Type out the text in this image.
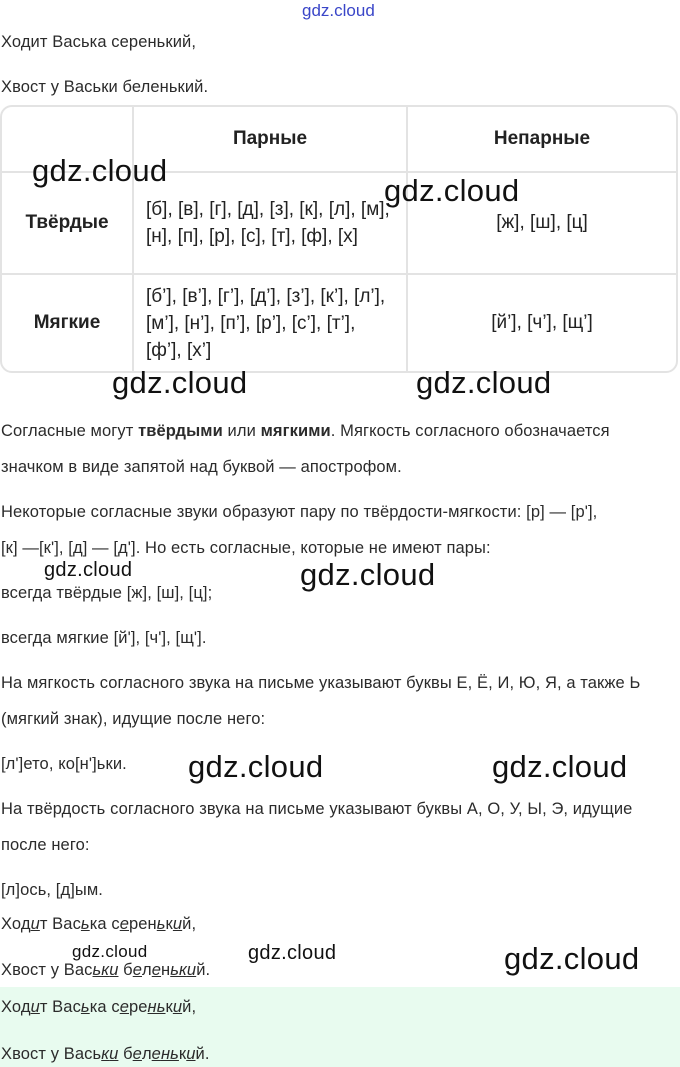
gdz.cloud
Ходит Васька серенький,
Хвост у Васьки беленький.
	Парные	Непарные
Твёрдые	[б], [в], [г], [д], [з], [к], [л], [м], [н], [п], [р], [с], [т], [ф], [х]	[ж], [ш], [ц]
Мягкие	[б’], [в’], [г’], [д’], [з’], [к’], [л’], [м’], [н’], [п’], [р’], [с’], [т’], [ф’], [х’]	[й’], [ч’], [щ’]
Согласные могут твёрдыми или мягкими. Мягкость согласного обозначается
значком в виде запятой над буквой — апострофом.
Некоторые согласные звуки образуют пару по твёрдости-мягкости: [р] — [р'],
[к] —[к'], [д] — [д']. Но есть согласные, которые не имеют пары:
всегда твёрдые [ж], [ш], [ц];
всегда мягкие [й'], [ч'], [щ'].
На мягкость согласного звука на письме указывают буквы Е, Ё, И, Ю, Я, а также Ь
(мягкий знак), идущие после него:
[л']ето, ко[н']ьки.
На твёрдость согласного звука на письме указывают буквы А, О, У, Ы, Э, идущие
после него:
[л]ось, [д]ым.
Ходит Васька серенький,
Хвост у Васьки беленький.
Ходит Васька серенький,
Хвост у Васьки беленький.
gdz.cloud
gdz.cloud
gdz.cloud	gdz.cloud
gdz.cloud	gdz.cloud
gdz.cloud	gdz.cloud
gdz.cloud	gdz.cloud	gdz.cloud
